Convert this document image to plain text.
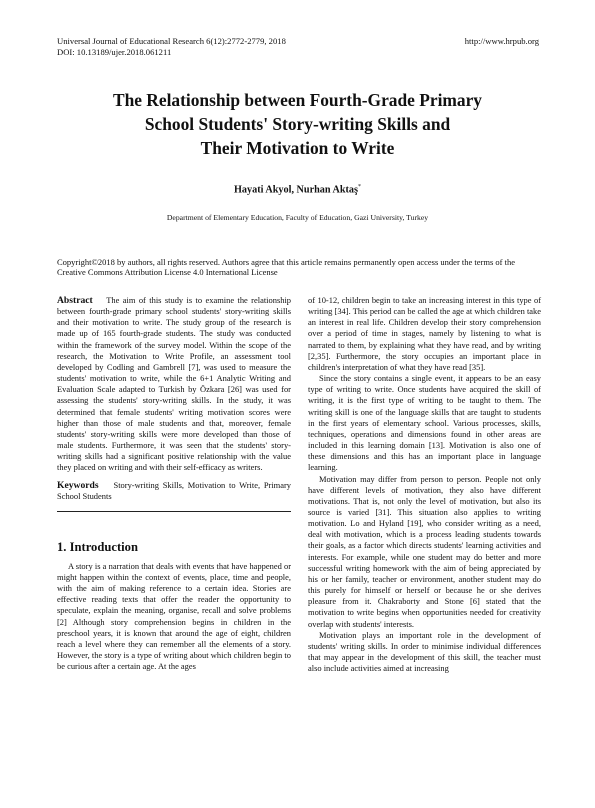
Universal Journal of Educational Research 6(12):2772-2779, 2018	http://www.hrpub.org
DOI: 10.13189/ujer.2018.061211
The Relationship between Fourth-Grade Primary
School Students' Story-writing Skills and
Their Motivation to Write
Hayati Akyol, Nurhan Aktaş*
Department of Elementary Education, Faculty of Education, Gazi University, Turkey
Copyright©2018 by authors, all rights reserved. Authors agree that this article remains permanently open access under the terms of the Creative Commons Attribution License 4.0 International License

Abstract The aim of this study is to examine the relationship between fourth-grade primary school students' story-writing skills and their motivation to write. The study group of the research is made up of 165 fourth-grade students. The study was conducted within the framework of the survey model. Within the scope of the research, the Motivation to Write Profile, an assessment tool developed by Codling and Gambrell [7], was used to measure the students' motivation to write, while the 6+1 Analytic Writing and Evaluation Scale adapted to Turkish by Özkara [26] was used for assessing the students' story-writing skills. In the study, it was determined that female students' writing motivation scores were higher than those of male students and that, moreover, female students' story-writing skills were more developed than those of male students. Furthermore, it was seen that the students' story-writing skills had a significant positive relationship with the value they placed on writing and with their self-efficacy as writers.

Keywords Story-writing Skills, Motivation to Write, Primary School Students

1. Introduction

A story is a narration that deals with events that have happened or might happen within the context of events, place, time and people, with the aim of making reference to a certain idea. Stories are effective reading texts that offer the reader the opportunity to speculate, explain the meaning, organise, recall and solve problems [2] Although story comprehension begins in children in the preschool years, it is known that around the age of eight, children reach a level where they can remember all the elements of a story. However, the story is a type of writing about which children begin to be curious after a certain age. At the ages

of 10-12, children begin to take an increasing interest in this type of writing [34]. This period can be called the age at which children take an interest in real life. Children develop their story comprehension over a period of time in stages, namely by listening to what is narrated to them, by explaining what they have read, and by writing [2,35]. Furthermore, the story occupies an important place in children's interpretation of what they have read [35].

Since the story contains a single event, it appears to be an easy type of writing to write. Once students have acquired the skill of writing, it is the first type of writing to be taught to them. The writing skill is one of the language skills that are taught to students in the first years of elementary school. Various processes, skills, techniques, operations and dimensions found in other areas are included in this learning domain [13]. Motivation is also one of these dimensions and this has an important place in language learning.

Motivation may differ from person to person. People not only have different levels of motivation, they also have different motivations. That is, not only the level of motivation, but also its source is varied [31]. This situation also applies to writing motivation. Lo and Hyland [19], who consider writing as a need, deal with motivation, which is a process leading students towards their goals, as a factor which directs students' learning activities and interests. For example, while one student may do better and more successful writing homework with the aim of being appreciated by his or her family, teacher or environment, another student may do this purely for himself or herself or because he or she derives pleasure from it. Chakraborty and Stone [6] stated that the motivation to write begins when opportunities needed for creativity overlap with students' interests.

Motivation plays an important role in the development of students' writing skills. In order to minimise individual differences that may appear in the development of this skill, the teacher must also include activities aimed at increasing
